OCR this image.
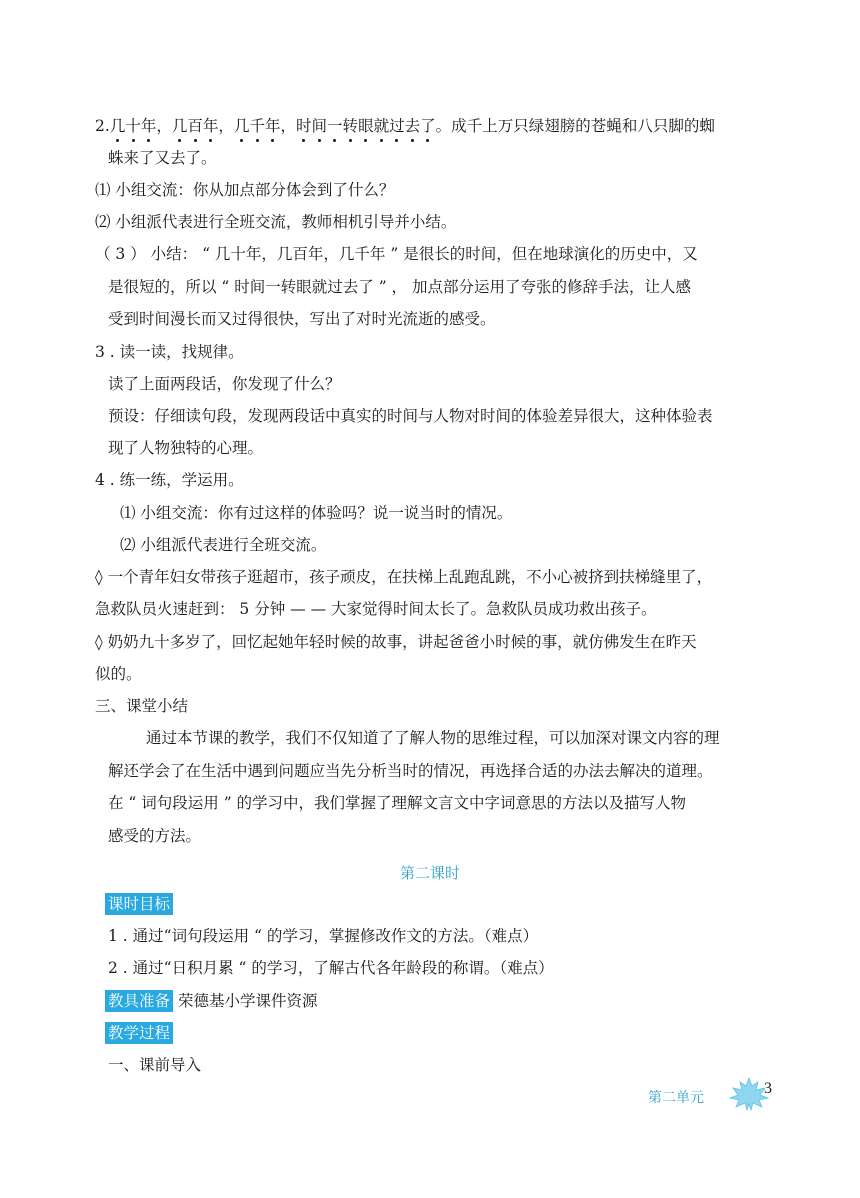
2.几十年，几百年，几千年，时间一转眼就过去了。成千上万只绿翅膀的苍蝇和八只脚的蜘
蛛来了又去了。
⑴ 小组交流：你从加点部分体会到了什么？
⑵ 小组派代表进行全班交流，教师相机引导并小结。
（ 3 ） 小结： “ 几十年，几百年，几千年 ” 是很长的时间，但在地球演化的历史中，又
是很短的，所以 “ 时间一转眼就过去了 ” ， 加点部分运用了夸张的修辞手法，让人感
受到时间漫长而又过得很快，写出了对时光流逝的感受。
3 . 读一读，找规律。
读了上面两段话，你发现了什么？
预设：仔细读句段，发现两段话中真实的时间与人物对时间的体验差异很大，这种体验表
现了人物独特的心理。
4 . 练一练，学运用。
⑴ 小组交流：你有过这样的体验吗？说一说当时的情况。
⑵ 小组派代表进行全班交流。
◊ 一个青年妇女带孩子逛超市，孩子顽皮，在扶梯上乱跑乱跳，不小心被挤到扶梯缝里了，
急救队员火速赶到： 5 分钟 — — 大家觉得时间太长了。急救队员成功救出孩子。
◊ 奶奶九十多岁了，回忆起她年轻时候的故事，讲起爸爸小时候的事，就仿佛发生在昨天
似的。
三、课堂小结
通过本节课的教学，我们不仅知道了了解人物的思维过程，可以加深对课文内容的理
解还学会了在生活中遇到问题应当先分析当时的情况，再选择合适的办法去解决的道理。
在 “ 词句段运用 ” 的学习中，我们掌握了理解文言文中字词意思的方法以及描写人物
感受的方法。
第二课时
课时目标
1 . 通过“词句段运用 “ 的学习，掌握修改作文的方法。（难点）
2 . 通过“日积月累 “ 的学习，了解古代各年龄段的称谓。（难点）
教具准备 荣德基小学课件资源
教学过程
一、课前导入
第二单元
3
